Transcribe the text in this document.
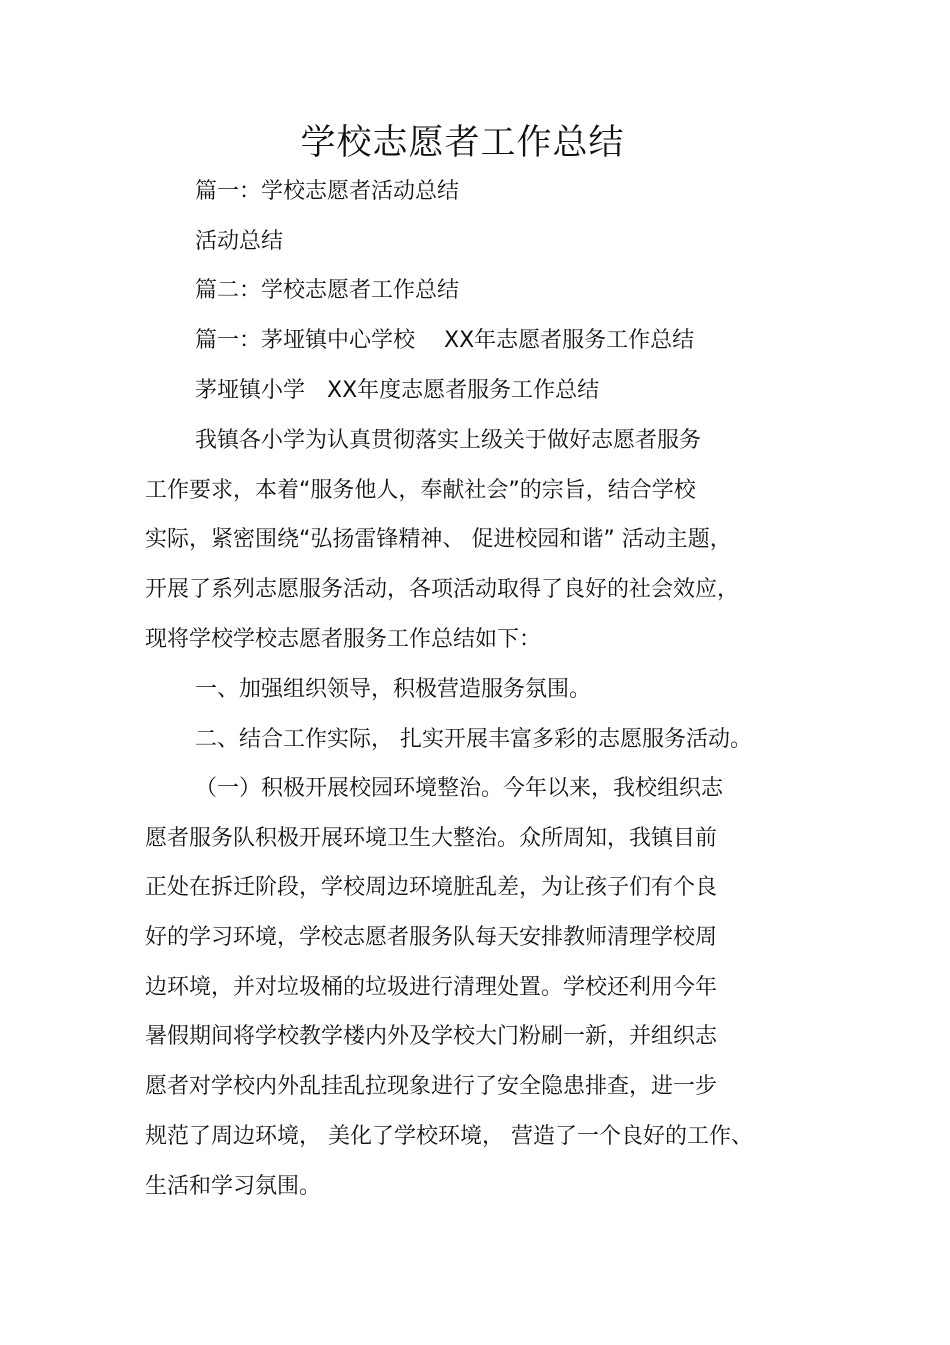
学校志愿者工作总结

篇一：学校志愿者活动总结

活动总结

篇二：学校志愿者工作总结

篇一：茅垭镇中心学校　 XX年志愿者服务工作总结

茅垭镇小学　XX年度志愿者服务工作总结

我镇各小学为认真贯彻落实上级关于做好志愿者服务

工作要求，本着“服务他人，奉献社会”的宗旨，结合学校

实际，紧密围绕“弘扬雷锋精神、 促进校园和谐” 活动主题，

开展了系列志愿服务活动，各项活动取得了良好的社会效应，

现将学校学校志愿者服务工作总结如下：

一、加强组织领导，积极营造服务氛围。

二、结合工作实际， 扎实开展丰富多彩的志愿服务活动。

（一）积极开展校园环境整治。今年以来，我校组织志

愿者服务队积极开展环境卫生大整治。众所周知，我镇目前

正处在拆迁阶段，学校周边环境脏乱差，为让孩子们有个良

好的学习环境，学校志愿者服务队每天安排教师清理学校周

边环境，并对垃圾桶的垃圾进行清理处置。学校还利用今年

暑假期间将学校教学楼内外及学校大门粉刷一新，并组织志

愿者对学校内外乱挂乱拉现象进行了安全隐患排查，进一步

规范了周边环境， 美化了学校环境， 营造了一个良好的工作、

生活和学习氛围。
